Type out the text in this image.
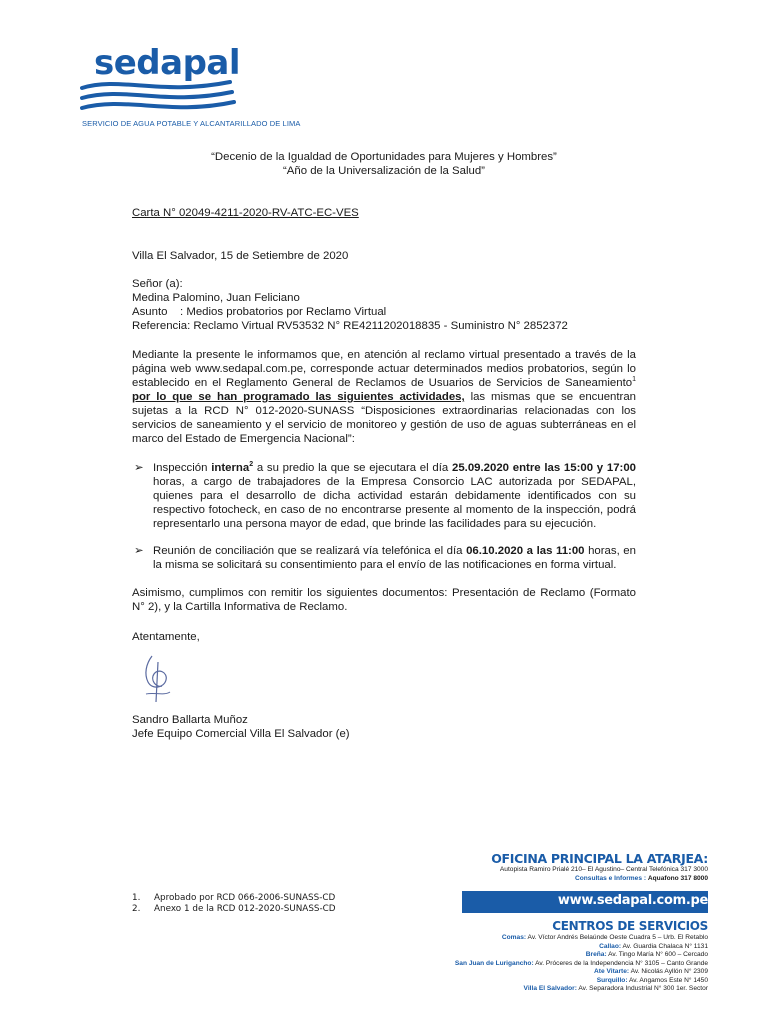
sedapal
SERVICIO DE AGUA POTABLE Y ALCANTARILLADO DE LIMA
“Decenio de la Igualdad de Oportunidades para Mujeres y Hombres”
“Año de la Universalización de la Salud”
Carta N° 02049-4211-2020-RV-ATC-EC-VES
Villa El Salvador, 15 de Setiembre de 2020
Señor (a):
Medina Palomino, Juan Feliciano
Asunto : Medios probatorios por Reclamo Virtual
Referencia: Reclamo Virtual RV53532 N° RE4211202018835 - Suministro N° 2852372
Mediante la presente le informamos que, en atención al reclamo virtual presentado a través de la página web www.sedapal.com.pe, corresponde actuar determinados medios probatorios, según lo establecido en el Reglamento General de Reclamos de Usuarios de Servicios de Saneamiento$^1$ por lo que se han programado las siguientes actividades, las mismas que se encuentran sujetas a la RCD N° 012-2020-SUNASS “Disposiciones extraordinarias relacionadas con los servicios de saneamiento y el servicio de monitoreo y gestión de uso de aguas subterráneas en el marco del Estado de Emergencia Nacional”:
➢ Inspección interna$^2$ a su predio la que se ejecutara el día 25.09.2020 entre las 15:00 y 17:00 horas, a cargo de trabajadores de la Empresa Consorcio LAC autorizada por SEDAPAL, quienes para el desarrollo de dicha actividad estarán debidamente identificados con su respectivo fotocheck, en caso de no encontrarse presente al momento de la inspección, podrá representarlo una persona mayor de edad, que brinde las facilidades para su ejecución.
➢ Reunión de conciliación que se realizará vía telefónica el día 06.10.2020 a las 11:00 horas, en la misma se solicitará su consentimiento para el envío de las notificaciones en forma virtual.
Asimismo, cumplimos con remitir los siguientes documentos: Presentación de Reclamo (Formato N° 2), y la Cartilla Informativa de Reclamo.
Atentamente,
Sandro Ballarta Muñoz
Jefe Equipo Comercial Villa El Salvador (e)
1. Aprobado por RCD 066-2006-SUNASS-CD
2. Anexo 1 de la RCD 012-2020-SUNASS-CD
OFICINA PRINCIPAL LA ATARJEA:
Autopista Ramiro Prialé 210– El Agustino– Central Telefónica 317 3000
Consultas e Informes : Aquafono 317 8000
www.sedapal.com.pe
CENTROS DE SERVICIOS
Comas: Av. Víctor Andrés Belaúnde Oeste Cuadra 5 – Urb. El Retablo
Callao: Av. Guardia Chalaca N° 1131
Breña: Av. Tingo María N° 600 – Cercado
San Juan de Lurigancho: Av. Próceres de la Independencia N° 3105 – Canto Grande
Ate Vitarte: Av. Nicolás Ayllón N° 2309
Surquillo: Av. Angamos Este N° 1450
Villa El Salvador: Av. Separadora Industrial N° 300 1er. Sector
